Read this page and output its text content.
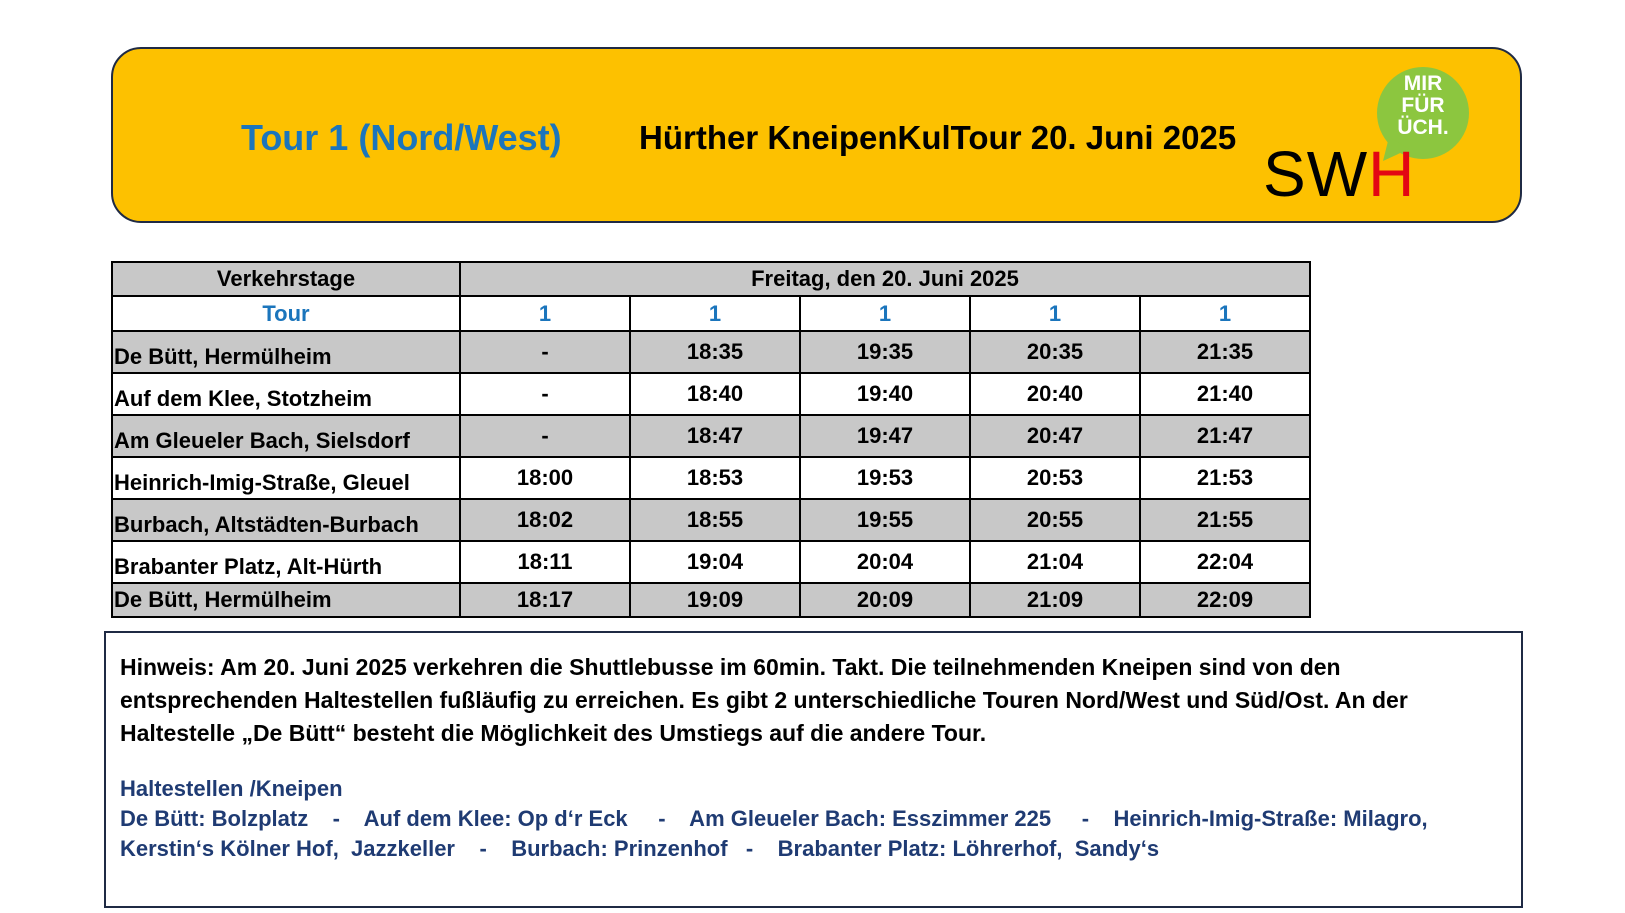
Tour 1 (Nord/West) Hürther KneipenKulTour 20. Juni 2025
MIR
FÜR
ÜCH.
SWH
Verkehrstage	Freitag, den 20. Juni 2025				
Tour	1	1	1	1	1
De Bütt, Hermülheim	-	18:35	19:35	20:35	21:35
Auf dem Klee, Stotzheim	-	18:40	19:40	20:40	21:40
Am Gleueler Bach, Sielsdorf	-	18:47	19:47	20:47	21:47
Heinrich-Imig-Straße, Gleuel	18:00	18:53	19:53	20:53	21:53
Burbach, Altstädten-Burbach	18:02	18:55	19:55	20:55	21:55
Brabanter Platz, Alt-Hürth	18:11	19:04	20:04	21:04	22:04
De Bütt, Hermülheim	18:17	19:09	20:09	21:09	22:09
Hinweis: Am 20. Juni 2025 verkehren die Shuttlebusse im 60min. Takt. Die teilnehmenden Kneipen sind von den entsprechenden Haltestellen fußläufig zu erreichen. Es gibt 2 unterschiedliche Touren Nord/West und Süd/Ost. An der Haltestelle „De Bütt“ besteht die Möglichkeit des Umstiegs auf die andere Tour.
Haltestellen /Kneipen
De Bütt: Bolzplatz    -    Auf dem Klee: Op d‘r Eck     -    Am Gleueler Bach: Esszimmer 225     -    Heinrich-Imig-Straße: Milagro,
Kerstin‘s Kölner Hof,  Jazzkeller    -    Burbach: Prinzenhof   -    Brabanter Platz: Löhrerhof,  Sandy‘s
